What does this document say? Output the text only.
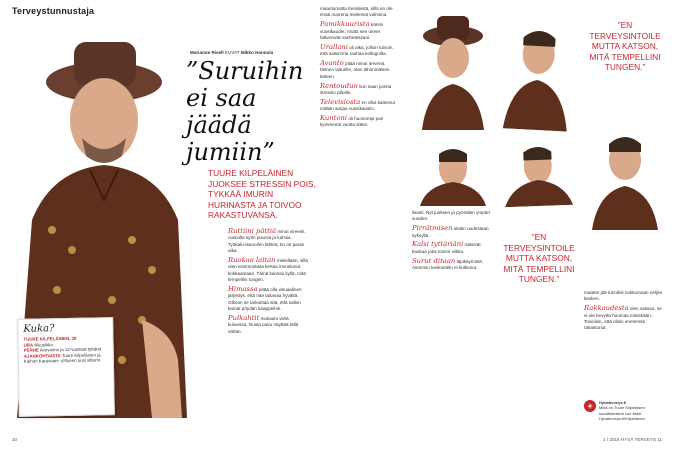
Terveystunnustaja
Kuka?
TUURE KILPELÄINEN, 39
URA Muusikko
PERHE Avovaimo ja 12-vuotiaat tyttäret
AJANKOHTAISTA Tuure Kilpeläinen ja Kaihon Karavaani -yhtyeen uusi albumi.
Marianne Risell KUVAT Mikko Hannula
”Suruihin ei saa jäädä jumiin”
TUURE KILPELÄINEN JUOKSEE STRESSIN POIS, TYKKÄÄ IMURIN HURINASTA JA TOIVOO RAKASTUVANSA.

Ruttiini pättiä minut vireesk. Aamulla syön puuroa ja kahvia. Työkalu-tsanoihin lähteä, ko on paras aika.

Ruokaa laitan mielellään, sillä olen ensimmäistä kertaa innostunut kokkaamaan. Tämä kanssa kyllä, mitä tempellini tungen.

Himassa pitää olla visuaalinen järjestys, että näe taitavaa hyvältä. Olkoon se tarkoittaa sitä, että sallon kamat pöydän kaappeihin.

Pulkahtit mukaani vielä kuluessa, hiusta puku näyttää tällä vähän.

maantumatta trendeistä, sillä en ole enää nuorena mielensä valmiina.

Pamikkuurista kärsin vuosikaudet, mutta sen oireet hälvenivät vanhetessani.

Urallani oli aika, jolloin toivoin, että saisimme rauhaa kollegoilta.

Avanto pitää minut tervenä. Menen laiturille, otan lähimmäisen käteen.

Rentoudun kun saan juosta stressin pihalle.

Televisiosta en ollut katsonut mitään sarjaa vuosikausiin.

Kuntoni oli huonompi pari kymmentä vuotta sitten.

”EN TERVEYSINTOILE MUTTA KATSON, MITÄ TEMPELLINI TUNGEN.”

lisesti. Nyt juoksen ja pyöräilen ympäri vuoden.

Pirrätmisen aloitin uudestaan syksyllä.

Kalsi tyttäriäni näkevät kaukaa joka toinen viikko.

Surut ditaan läpikäymistä. Aiemmin keskustelu ei kulkenut.

”EN TERVEYSINTOILE MUTTA KATSON, MITÄ TEMPELLINI TUNGEN.”

maaten jää tunniksi nukkumaan neljän kesken.

Rakkaudesta olen vakava, se ei ole kevyttä huomaa miniskään. Toivoisin, että olisin enemmän rakastunut.

+	Hyvaterveys.fi
Mikä on Tuure Kilpeläisen suosikkiesiinä Lue lisää Hyvaterveys.fi/Kilpelainen
10	1 / 2016 HYVÄ TERVEYS 11
